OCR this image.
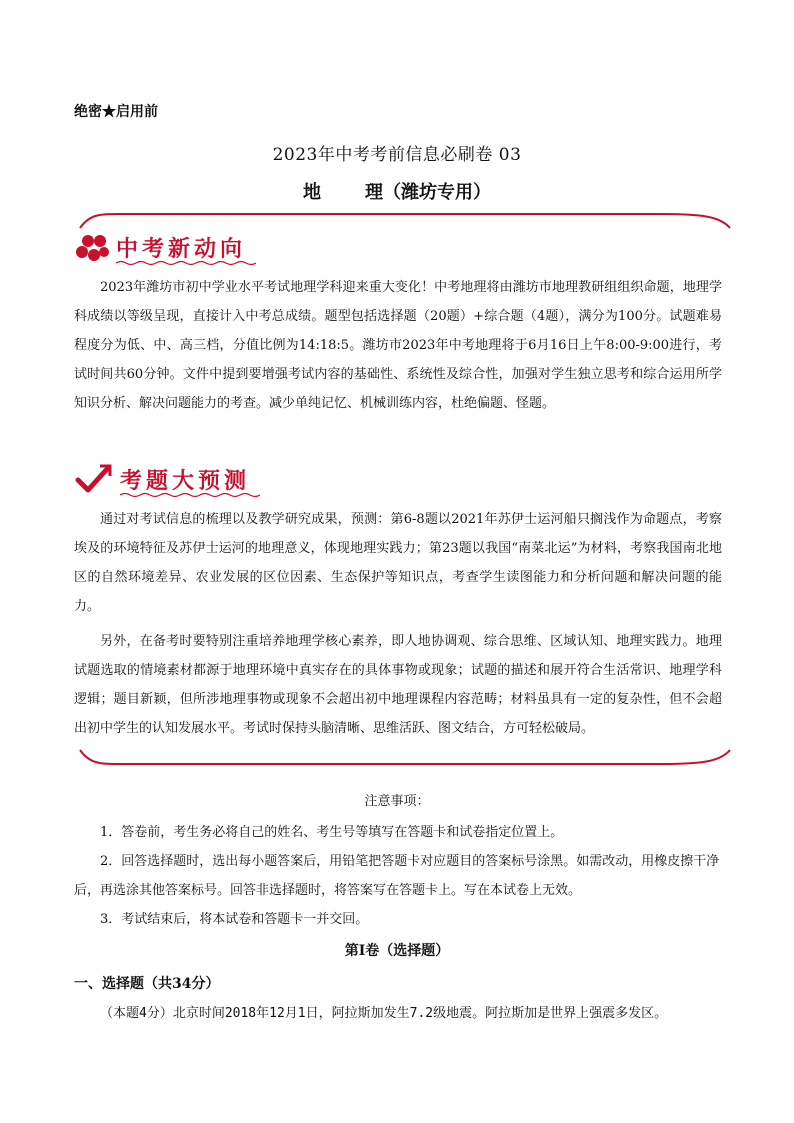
绝密★启用前
2023年中考考前信息必刷卷 03
地 理（潍坊专用）
中考新动向

2023年潍坊市初中学业水平考试地理学科迎来重大变化！中考地理将由潍坊市地理教研组组织命题，地理学科成绩以等级呈现，直接计入中考总成绩。题型包括选择题（20题）+综合题（4题），满分为100分。试题难易程度分为低、中、高三档，分值比例为14:18:5。潍坊市2023年中考地理将于6月16日上午8:00-9:00进行，考试时间共60分钟。文件中提到要增强考试内容的基础性、系统性及综合性，加强对学生独立思考和综合运用所学知识分析、解决问题能力的考查。减少单纯记忆、机械训练内容，杜绝偏题、怪题。

考题大预测

通过对考试信息的梳理以及教学研究成果，预测：第6-8题以2021年苏伊士运河船只搁浅作为命题点，考察埃及的环境特征及苏伊士运河的地理意义，体现地理实践力；第23题以我国“南菜北运”为材料，考察我国南北地区的自然环境差异、农业发展的区位因素、生态保护等知识点，考查学生读图能力和分析问题和解决问题的能力。

另外，在备考时要特别注重培养地理学核心素养，即人地协调观、综合思维、区域认知、地理实践力。地理试题选取的情境素材都源于地理环境中真实存在的具体事物或现象；试题的描述和展开符合生活常识、地理学科逻辑；题目新颖，但所涉地理事物或现象不会超出初中地理课程内容范畴；材料虽具有一定的复杂性，但不会超出初中学生的认知发展水平。考试时保持头脑清晰、思维活跃、图文结合，方可轻松破局。

注意事项：

1．答卷前，考生务必将自己的姓名、考生号等填写在答题卡和试卷指定位置上。

2．回答选择题时，选出每小题答案后，用铅笔把答题卡对应题目的答案标号涂黑。如需改动，用橡皮擦干净后，再选涂其他答案标号。回答非选择题时，将答案写在答题卡上。写在本试卷上无效。

3．考试结束后，将本试卷和答题卡一并交回。

第I卷（选择题）
一、选择题（共34分）
（本题4分）北京时间2018年12月1日，阿拉斯加发生7.2级地震。阿拉斯加是世界上强震多发区。
